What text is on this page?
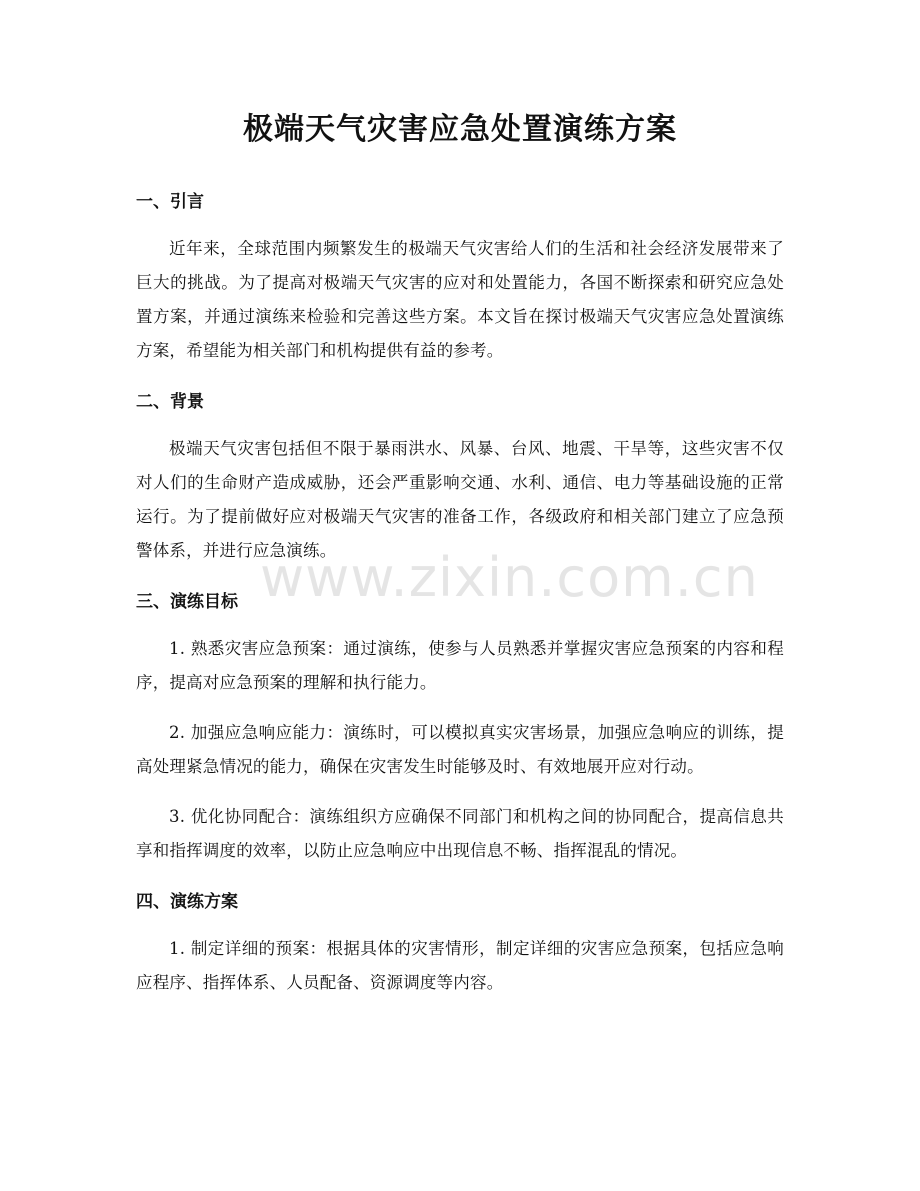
极端天气灾害应急处置演练方案
一、引言

近年来，全球范围内频繁发生的极端天气灾害给人们的生活和社会经济发展带来了巨大的挑战。为了提高对极端天气灾害的应对和处置能力，各国不断探索和研究应急处置方案，并通过演练来检验和完善这些方案。本文旨在探讨极端天气灾害应急处置演练方案，希望能为相关部门和机构提供有益的参考。

二、背景

极端天气灾害包括但不限于暴雨洪水、风暴、台风、地震、干旱等，这些灾害不仅对人们的生命财产造成威胁，还会严重影响交通、水利、通信、电力等基础设施的正常运行。为了提前做好应对极端天气灾害的准备工作，各级政府和相关部门建立了应急预警体系，并进行应急演练。

三、演练目标

1. 熟悉灾害应急预案：通过演练，使参与人员熟悉并掌握灾害应急预案的内容和程序，提高对应急预案的理解和执行能力。

2. 加强应急响应能力：演练时，可以模拟真实灾害场景，加强应急响应的训练，提高处理紧急情况的能力，确保在灾害发生时能够及时、有效地展开应对行动。

3. 优化协同配合：演练组织方应确保不同部门和机构之间的协同配合，提高信息共享和指挥调度的效率，以防止应急响应中出现信息不畅、指挥混乱的情况。

四、演练方案

1. 制定详细的预案：根据具体的灾害情形，制定详细的灾害应急预案，包括应急响应程序、指挥体系、人员配备、资源调度等内容。

www.zixin.com.cn
